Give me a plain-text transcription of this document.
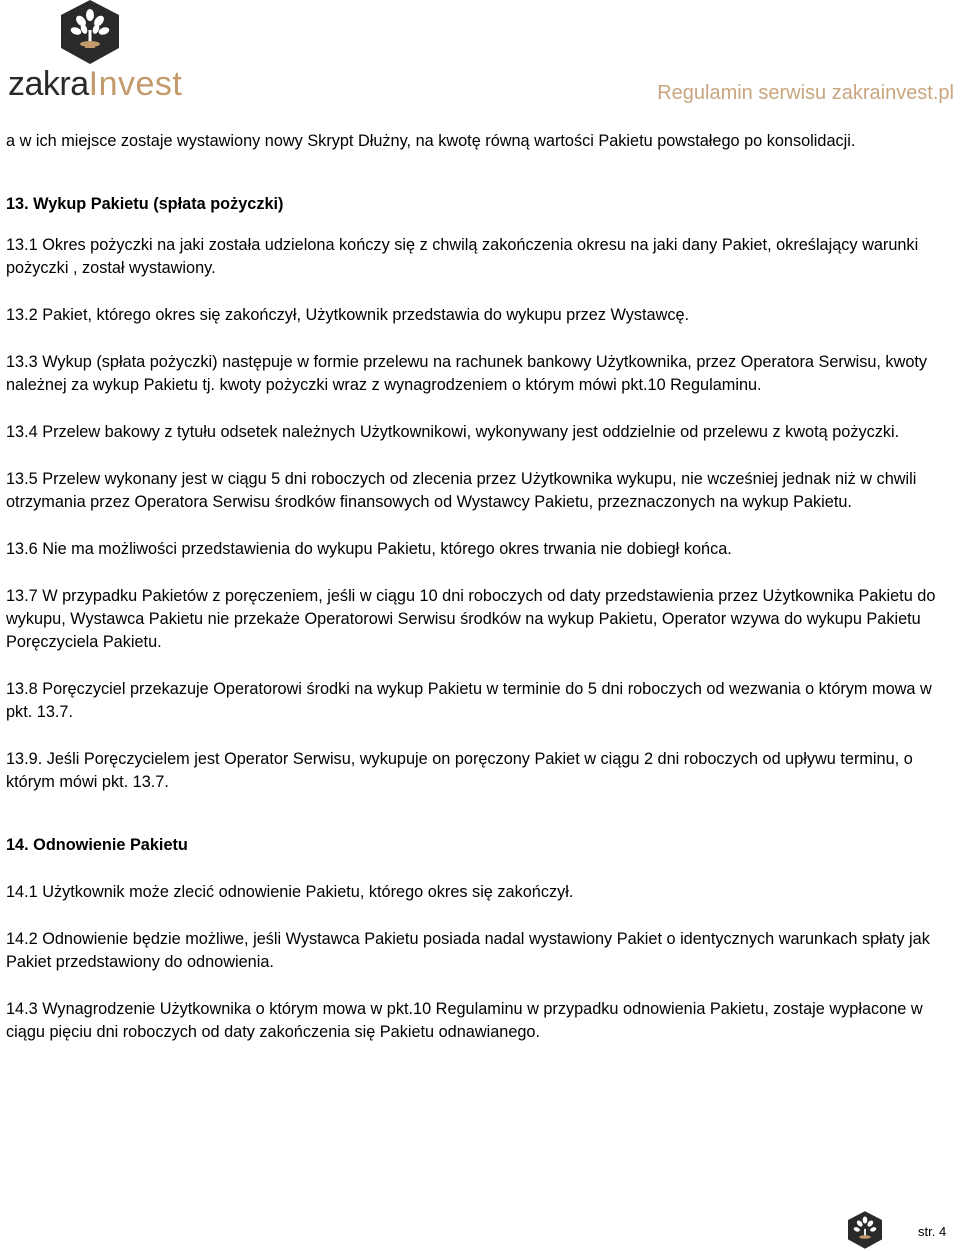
zakraInvest	Regulamin serwisu zakrainvest.pl

a w ich miejsce zostaje wystawiony nowy Skrypt Dłużny, na kwotę równą wartości Pakietu powstałego po konsolidacji.

13. Wykup Pakietu (spłata pożyczki)

13.1 Okres pożyczki na jaki została udzielona kończy się z chwilą zakończenia okresu na jaki dany Pakiet, określający warunki pożyczki , został wystawiony.

13.2 Pakiet, którego okres się zakończył, Użytkownik przedstawia do wykupu przez Wystawcę.

13.3 Wykup (spłata pożyczki) następuje w formie przelewu na rachunek bankowy Użytkownika, przez Operatora Serwisu, kwoty należnej za wykup Pakietu tj. kwoty pożyczki wraz z wynagrodzeniem o którym mówi pkt.10 Regulaminu.

13.4 Przelew bakowy z tytułu odsetek należnych Użytkownikowi, wykonywany jest oddzielnie od przelewu z kwotą pożyczki.

13.5 Przelew wykonany jest w ciągu 5 dni roboczych od zlecenia przez Użytkownika wykupu, nie wcześniej jednak niż w chwili otrzymania przez Operatora Serwisu środków finansowych od Wystawcy Pakietu, przeznaczonych na wykup Pakietu.

13.6 Nie ma możliwości przedstawienia do wykupu Pakietu, którego okres trwania nie dobiegł końca.

13.7 W przypadku Pakietów z poręczeniem, jeśli w ciągu 10 dni roboczych od daty przedstawienia przez Użytkownika Pakietu do wykupu, Wystawca Pakietu nie przekaże Operatorowi Serwisu środków na wykup Pakietu, Operator wzywa do wykupu Pakietu Poręczyciela Pakietu.

13.8 Poręczyciel przekazuje Operatorowi środki na wykup Pakietu w terminie do 5 dni roboczych od wezwania o którym mowa w pkt. 13.7.

13.9. Jeśli Poręczycielem jest Operator Serwisu, wykupuje on poręczony Pakiet w ciągu 2 dni roboczych od upływu terminu, o którym mówi pkt. 13.7.

14. Odnowienie Pakietu

14.1 Użytkownik może zlecić odnowienie Pakietu, którego okres się zakończył.

14.2 Odnowienie będzie możliwe, jeśli Wystawca Pakietu posiada nadal wystawiony Pakiet o identycznych warunkach spłaty jak Pakiet przedstawiony do odnowienia.

14.3 Wynagrodzenie Użytkownika o którym mowa w pkt.10 Regulaminu w przypadku odnowienia Pakietu, zostaje wypłacone w ciągu pięciu dni roboczych od daty zakończenia się Pakietu odnawianego.

str. 4
